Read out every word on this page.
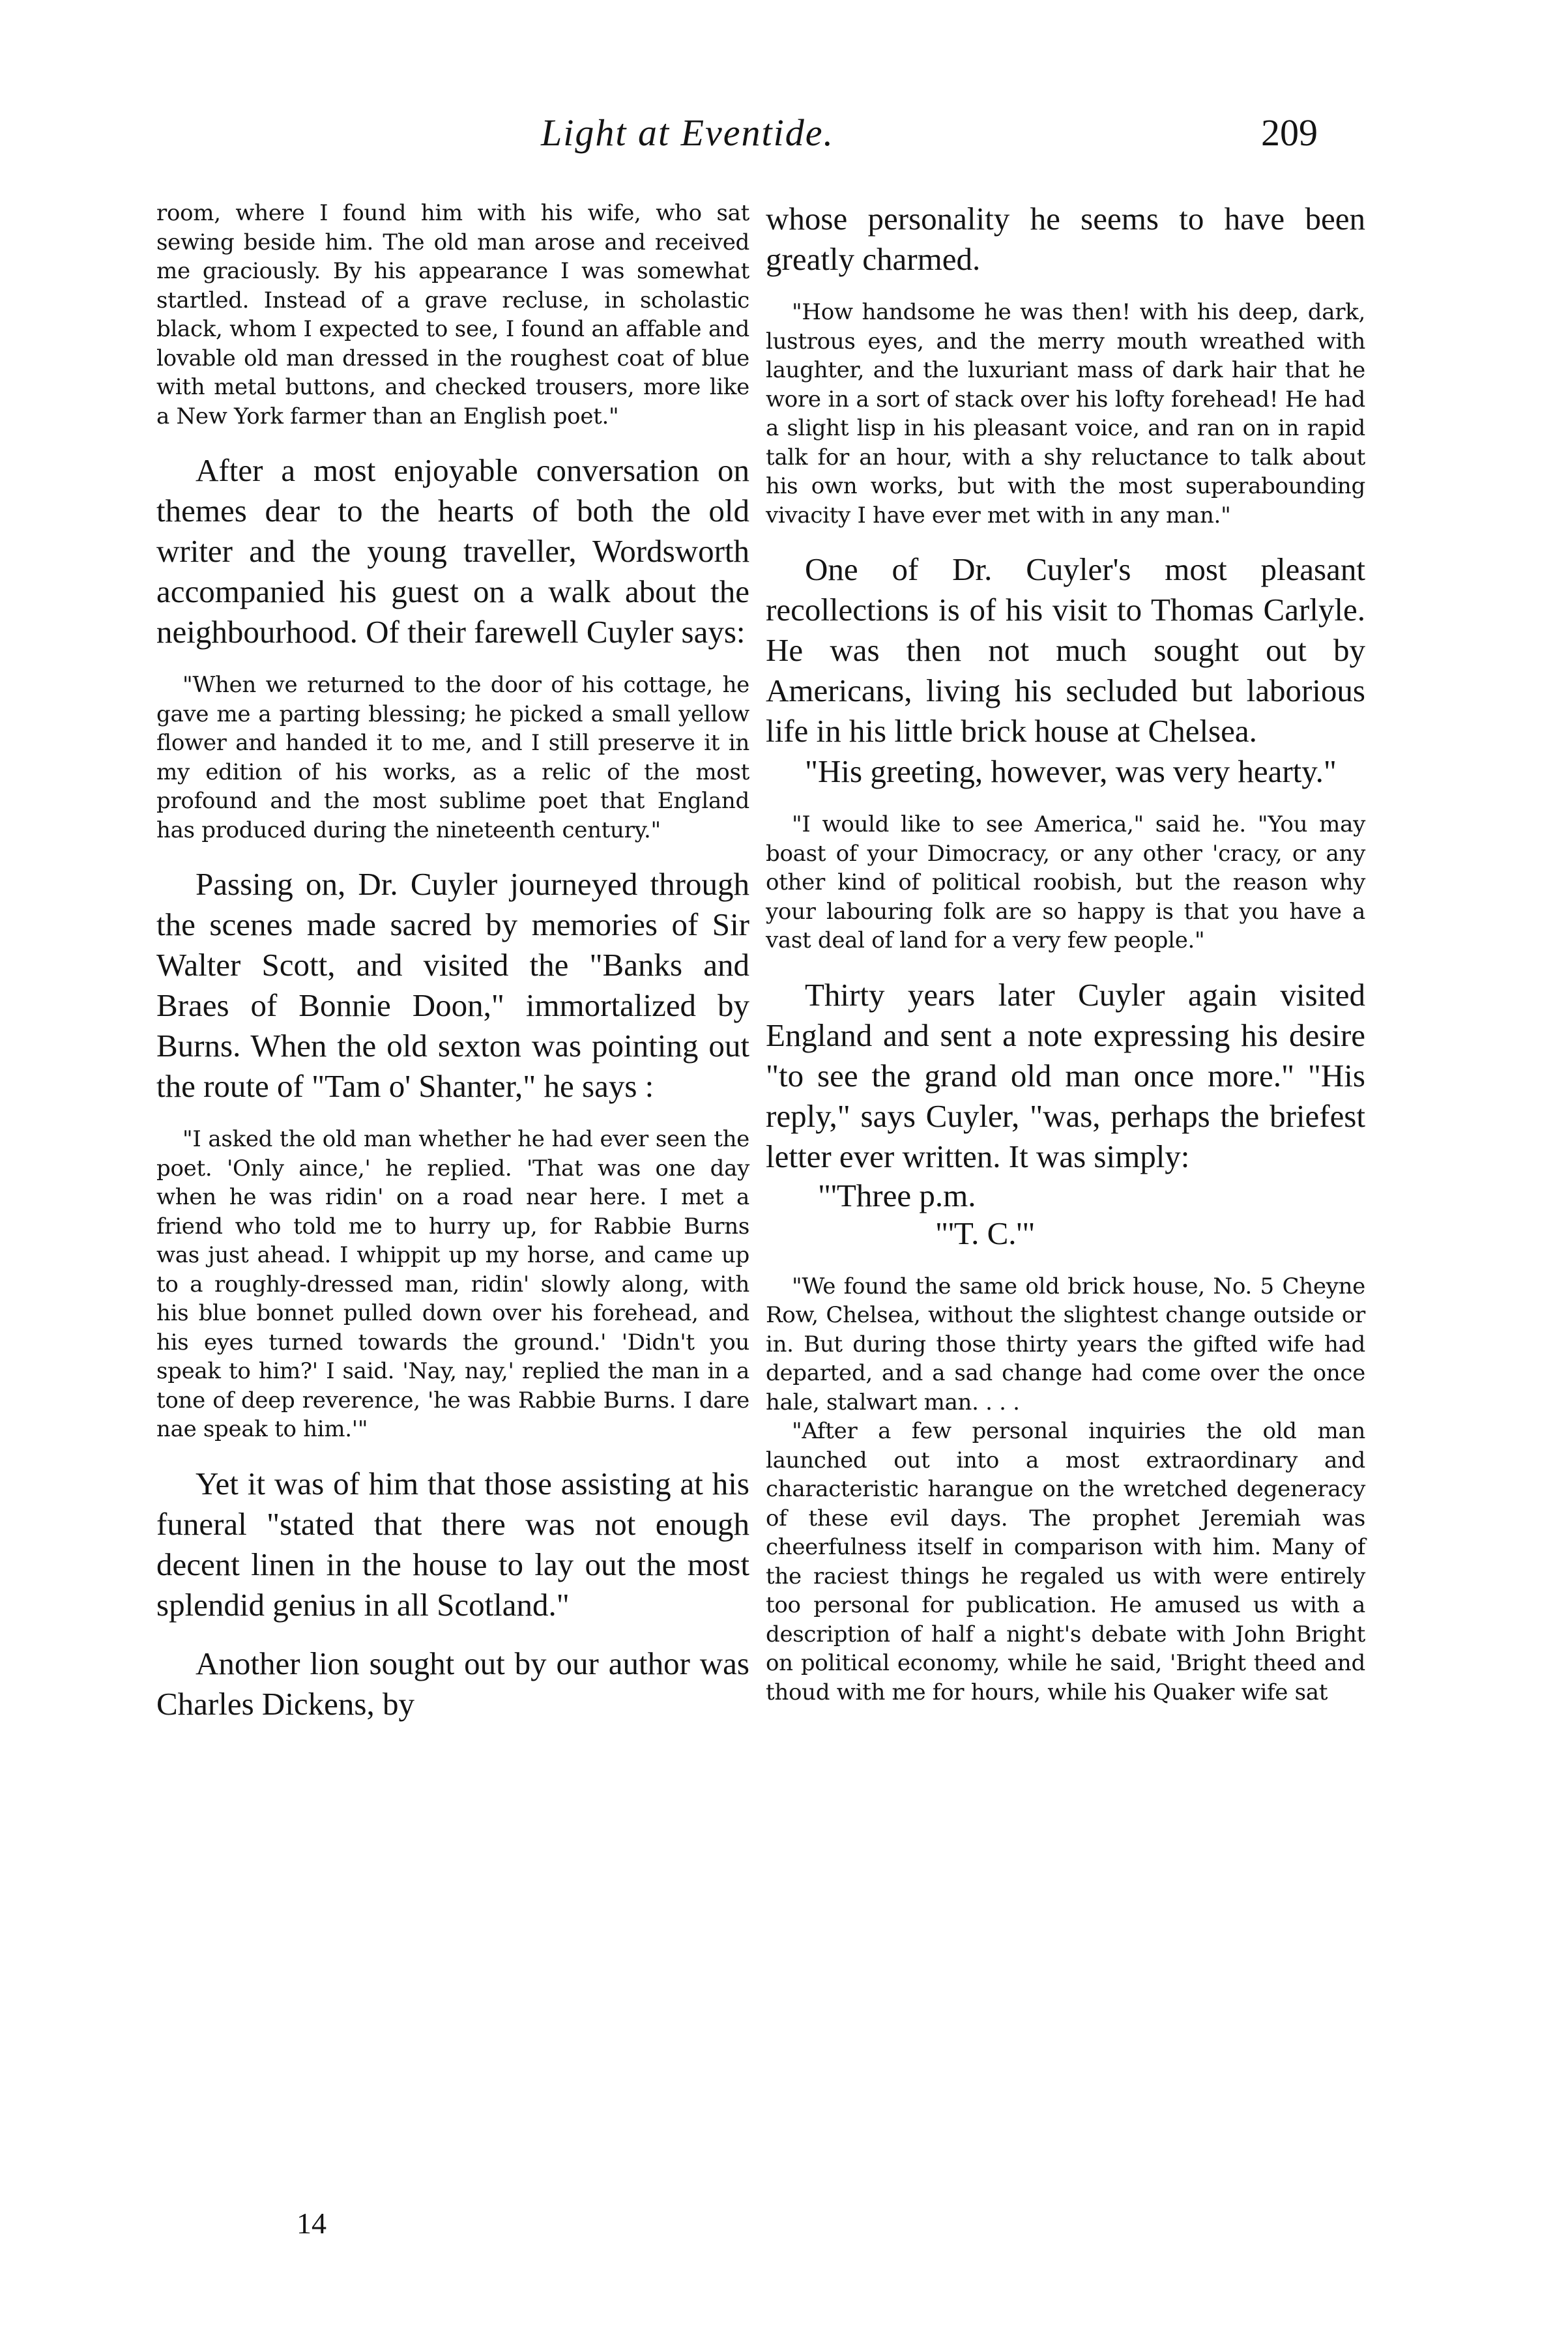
Light at Eventide.	209

room, where I found him with his wife, who sat sewing beside him. The old man arose and received me graciously. By his appearance I was somewhat startled. Instead of a grave recluse, in scholastic black, whom I expected to see, I found an affable and lovable old man dressed in the roughest coat of blue with metal buttons, and checked trousers, more like a New York farmer than an English poet."

After a most enjoyable conversation on themes dear to the hearts of both the old writer and the young traveller, Wordsworth accompanied his guest on a walk about the neighbourhood. Of their farewell Cuyler says:

"When we returned to the door of his cottage, he gave me a parting blessing; he picked a small yellow flower and handed it to me, and I still preserve it in my edition of his works, as a relic of the most profound and the most sublime poet that England has produced during the nineteenth century."

Passing on, Dr. Cuyler journeyed through the scenes made sacred by memories of Sir Walter Scott, and visited the "Banks and Braes of Bonnie Doon," immortalized by Burns. When the old sexton was pointing out the route of "Tam o' Shanter," he says :

"I asked the old man whether he had ever seen the poet. 'Only aince,' he replied. 'That was one day when he was ridin' on a road near here. I met a friend who told me to hurry up, for Rabbie Burns was just ahead. I whippit up my horse, and came up to a roughly-dressed man, ridin' slowly along, with his blue bonnet pulled down over his forehead, and his eyes turned towards the ground.' 'Didn't you speak to him?' I said. 'Nay, nay,' replied the man in a tone of deep reverence, 'he was Rabbie Burns. I dare nae speak to him.'"

Yet it was of him that those assisting at his funeral "stated that there was not enough decent linen in the house to lay out the most splendid genius in all Scotland."

Another lion sought out by our author was Charles Dickens, by

14

whose personality he seems to have been greatly charmed.

"How handsome he was then! with his deep, dark, lustrous eyes, and the merry mouth wreathed with laughter, and the luxuriant mass of dark hair that he wore in a sort of stack over his lofty forehead! He had a slight lisp in his pleasant voice, and ran on in rapid talk for an hour, with a shy reluctance to talk about his own works, but with the most superabounding vivacity I have ever met with in any man."

One of Dr. Cuyler's most pleasant recollections is of his visit to Thomas Carlyle. He was then not much sought out by Americans, living his secluded but laborious life in his little brick house at Chelsea.

"His greeting, however, was very hearty."

"I would like to see America," said he. "You may boast of your Dimocracy, or any other 'cracy, or any other kind of political roobish, but the reason why your labouring folk are so happy is that you have a vast deal of land for a very few people."

Thirty years later Cuyler again visited England and sent a note expressing his desire "to see the grand old man once more." "His reply," says Cuyler, "was, perhaps the briefest letter ever written. It was simply:

"'Three p.m.
"'T. C.'"

"We found the same old brick house, No. 5 Cheyne Row, Chelsea, without the slightest change outside or in. But during those thirty years the gifted wife had departed, and a sad change had come over the once hale, stalwart man. . . .

"After a few personal inquiries the old man launched out into a most extraordinary and characteristic harangue on the wretched degeneracy of these evil days. The prophet Jeremiah was cheerfulness itself in comparison with him. Many of the raciest things he regaled us with were entirely too personal for publication. He amused us with a description of half a night's debate with John Bright on political economy, while he said, 'Bright theed and thoud with me for hours, while his Quaker wife sat
